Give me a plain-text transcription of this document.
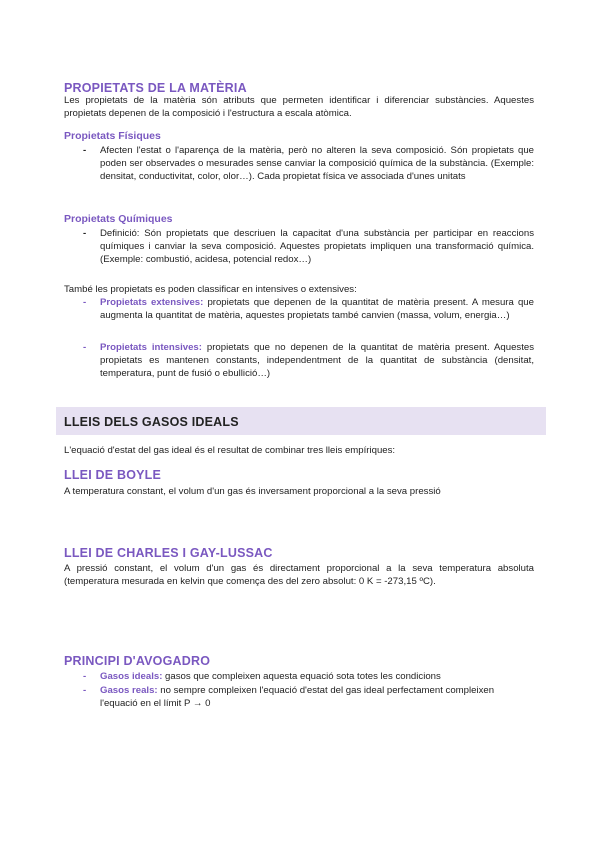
PROPIETATS DE LA MATÈRIA
Les propietats de la matèria són atributs que permeten identificar i diferenciar substàncies. Aquestes propietats depenen de la composició i l'estructura a escala atòmica.
Propietats Físiques
- Afecten l'estat o l'aparença de la matèria, però no alteren la seva composició. Són propietats que poden ser observades o mesurades sense canviar la composició química de la substància. (Exemple: densitat, conductivitat, color, olor…). Cada propietat física ve associada d'unes unitats
Propietats Químiques
- Definició: Són propietats que descriuen la capacitat d'una substància per participar en reaccions químiques i canviar la seva composició. Aquestes propietats impliquen una transformació química. (Exemple: combustió, acidesa, potencial redox…)
També les propietats es poden classificar en intensives o extensives:
- Propietats extensives: propietats que depenen de la quantitat de matèria present. A mesura que augmenta la quantitat de matèria, aquestes propietats també canvien (massa, volum, energia…)
- Propietats intensives: propietats que no depenen de la quantitat de matèria present. Aquestes propietats es mantenen constants, independentment de la quantitat de substància (densitat, temperatura, punt de fusió o ebullició…)
LLEIS DELS GASOS IDEALS
L'equació d'estat del gas ideal és el resultat de combinar tres lleis empíriques:
LLEI DE BOYLE
A temperatura constant, el volum d'un gas és inversament proporcional a la seva pressió
LLEI DE CHARLES I GAY-LUSSAC
A pressió constant, el volum d'un gas és directament proporcional a la seva temperatura absoluta (temperatura mesurada en kelvin que comença des del zero absolut: 0 K = -273,15 ºC).
PRINCIPI D'AVOGADRO
- Gasos ideals: gasos que compleixen aquesta equació sota totes les condicions
- Gasos reals: no sempre compleixen l'equació d'estat del gas ideal perfectament compleixen l'equació en el límit P → 0
